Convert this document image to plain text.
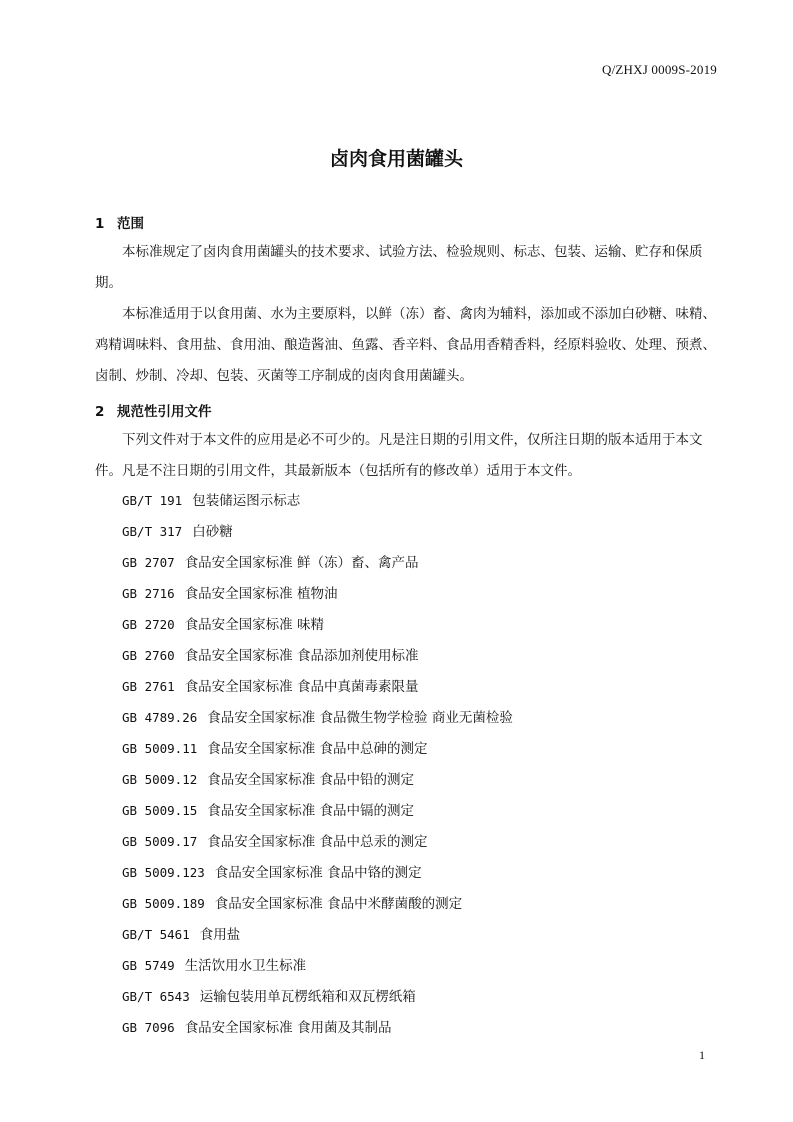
Q/ZHXJ 0009S-2019
卤肉食用菌罐头
1 范围
本标准规定了卤肉食用菌罐头的技术要求、试验方法、检验规则、标志、包装、运输、贮存和保质
期。
本标准适用于以食用菌、水为主要原料，以鲜（冻）畜、禽肉为辅料，添加或不添加白砂糖、味精、
鸡精调味料、食用盐、食用油、酿造酱油、鱼露、香辛料、食品用香精香料，经原料验收、处理、预煮、
卤制、炒制、冷却、包装、灭菌等工序制成的卤肉食用菌罐头。
2 规范性引用文件
下列文件对于本文件的应用是必不可少的。凡是注日期的引用文件，仅所注日期的版本适用于本文
件。凡是不注日期的引用文件，其最新版本（包括所有的修改单）适用于本文件。
GB/T 191 包装储运图示标志
GB/T 317 白砂糖
GB 2707 食品安全国家标准 鲜（冻）畜、禽产品
GB 2716 食品安全国家标准 植物油
GB 2720 食品安全国家标准 味精
GB 2760 食品安全国家标准 食品添加剂使用标准
GB 2761 食品安全国家标准 食品中真菌毒素限量
GB 4789.26 食品安全国家标准 食品微生物学检验 商业无菌检验
GB 5009.11 食品安全国家标准 食品中总砷的测定
GB 5009.12 食品安全国家标准 食品中铅的测定
GB 5009.15 食品安全国家标准 食品中镉的测定
GB 5009.17 食品安全国家标准 食品中总汞的测定
GB 5009.123 食品安全国家标准 食品中铬的测定
GB 5009.189 食品安全国家标准 食品中米酵菌酸的测定
GB/T 5461 食用盐
GB 5749 生活饮用水卫生标准
GB/T 6543 运输包装用单瓦楞纸箱和双瓦楞纸箱
GB 7096 食品安全国家标准 食用菌及其制品
1
